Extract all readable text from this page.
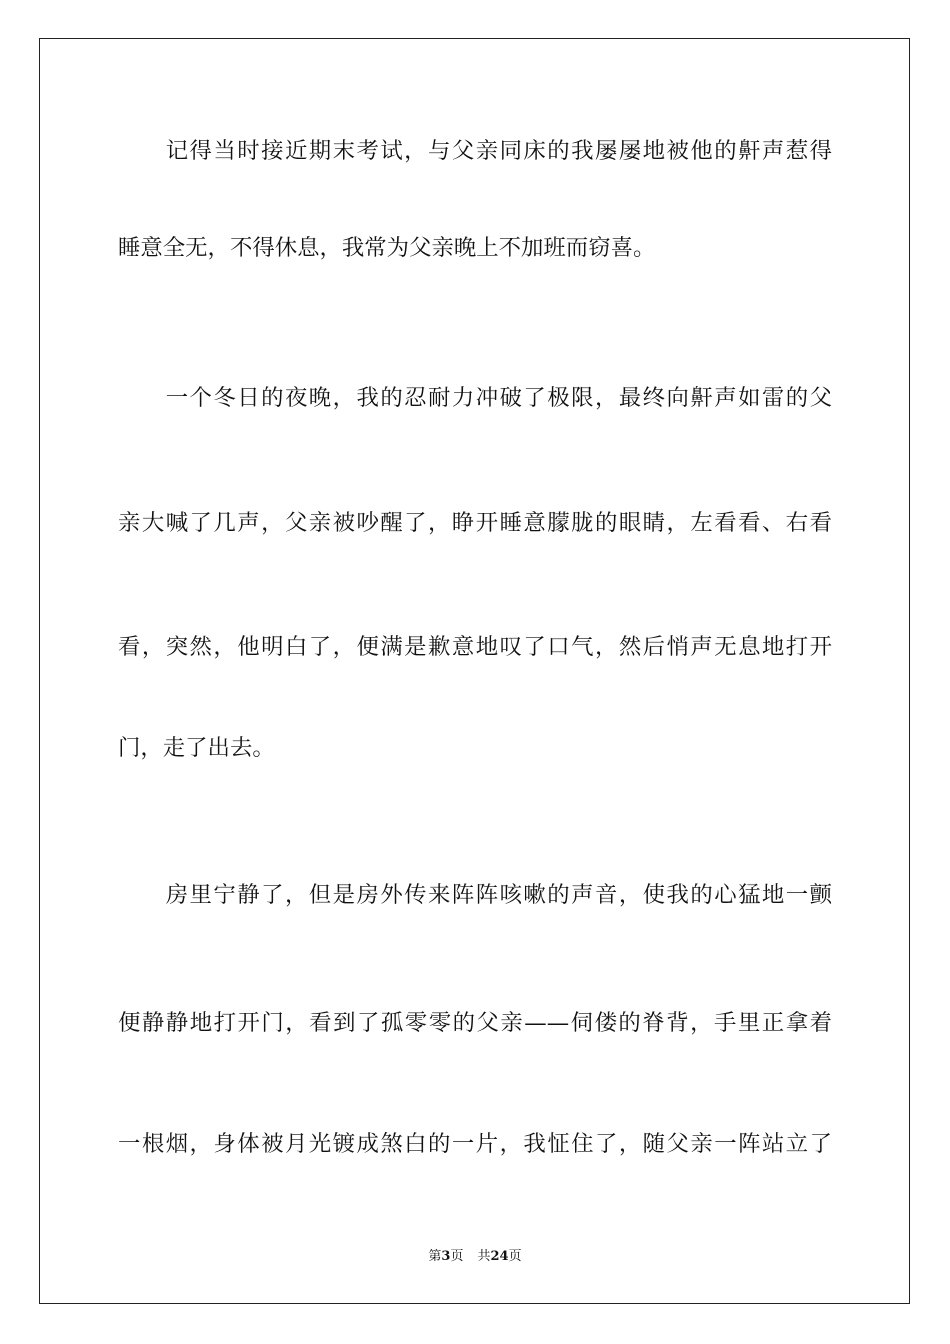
　　记得当时接近期末考试，与父亲同床的我屡屡地被他的鼾声惹得
睡意全无，不得休息，我常为父亲晚上不加班而窃喜。
　　一个冬日的夜晚，我的忍耐力冲破了极限，最终向鼾声如雷的父
亲大喊了几声，父亲被吵醒了，睁开睡意朦胧的眼睛，左看看、右看
看，突然，他明白了，便满是歉意地叹了口气，然后悄声无息地打开
门，走了出去。
　　房里宁静了，但是房外传来阵阵咳嗽的声音，使我的心猛地一颤
便静静地打开门，看到了孤零零的父亲——伺偻的脊背，手里正拿着
一根烟，身体被月光镀成煞白的一片，我怔住了，随父亲一阵站立了
第3页 共24页
